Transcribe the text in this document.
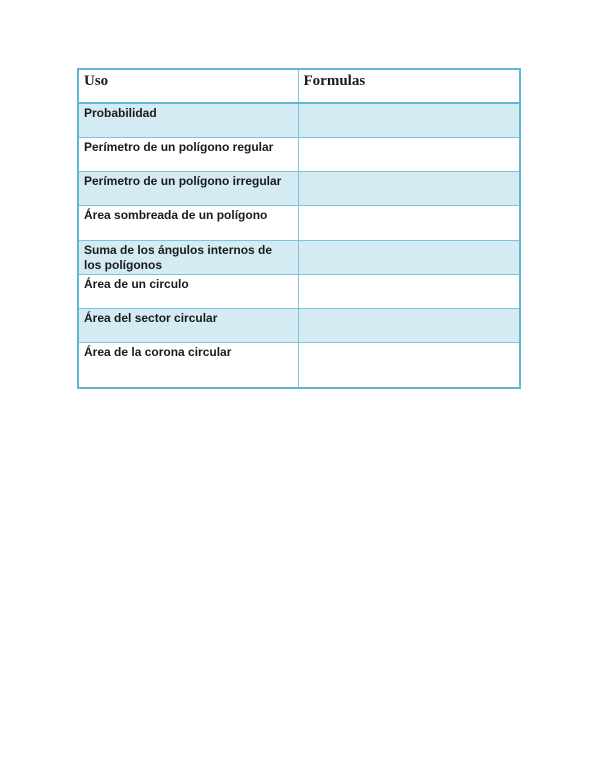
Uso	Formulas
Probabilidad	
Perímetro de un polígono regular	
Perímetro de un polígono irregular	
Área sombreada de un polígono	
Suma de los ángulos internos de los polígonos	
Área de un circulo	
Área del sector circular	
Área de la corona circular	
